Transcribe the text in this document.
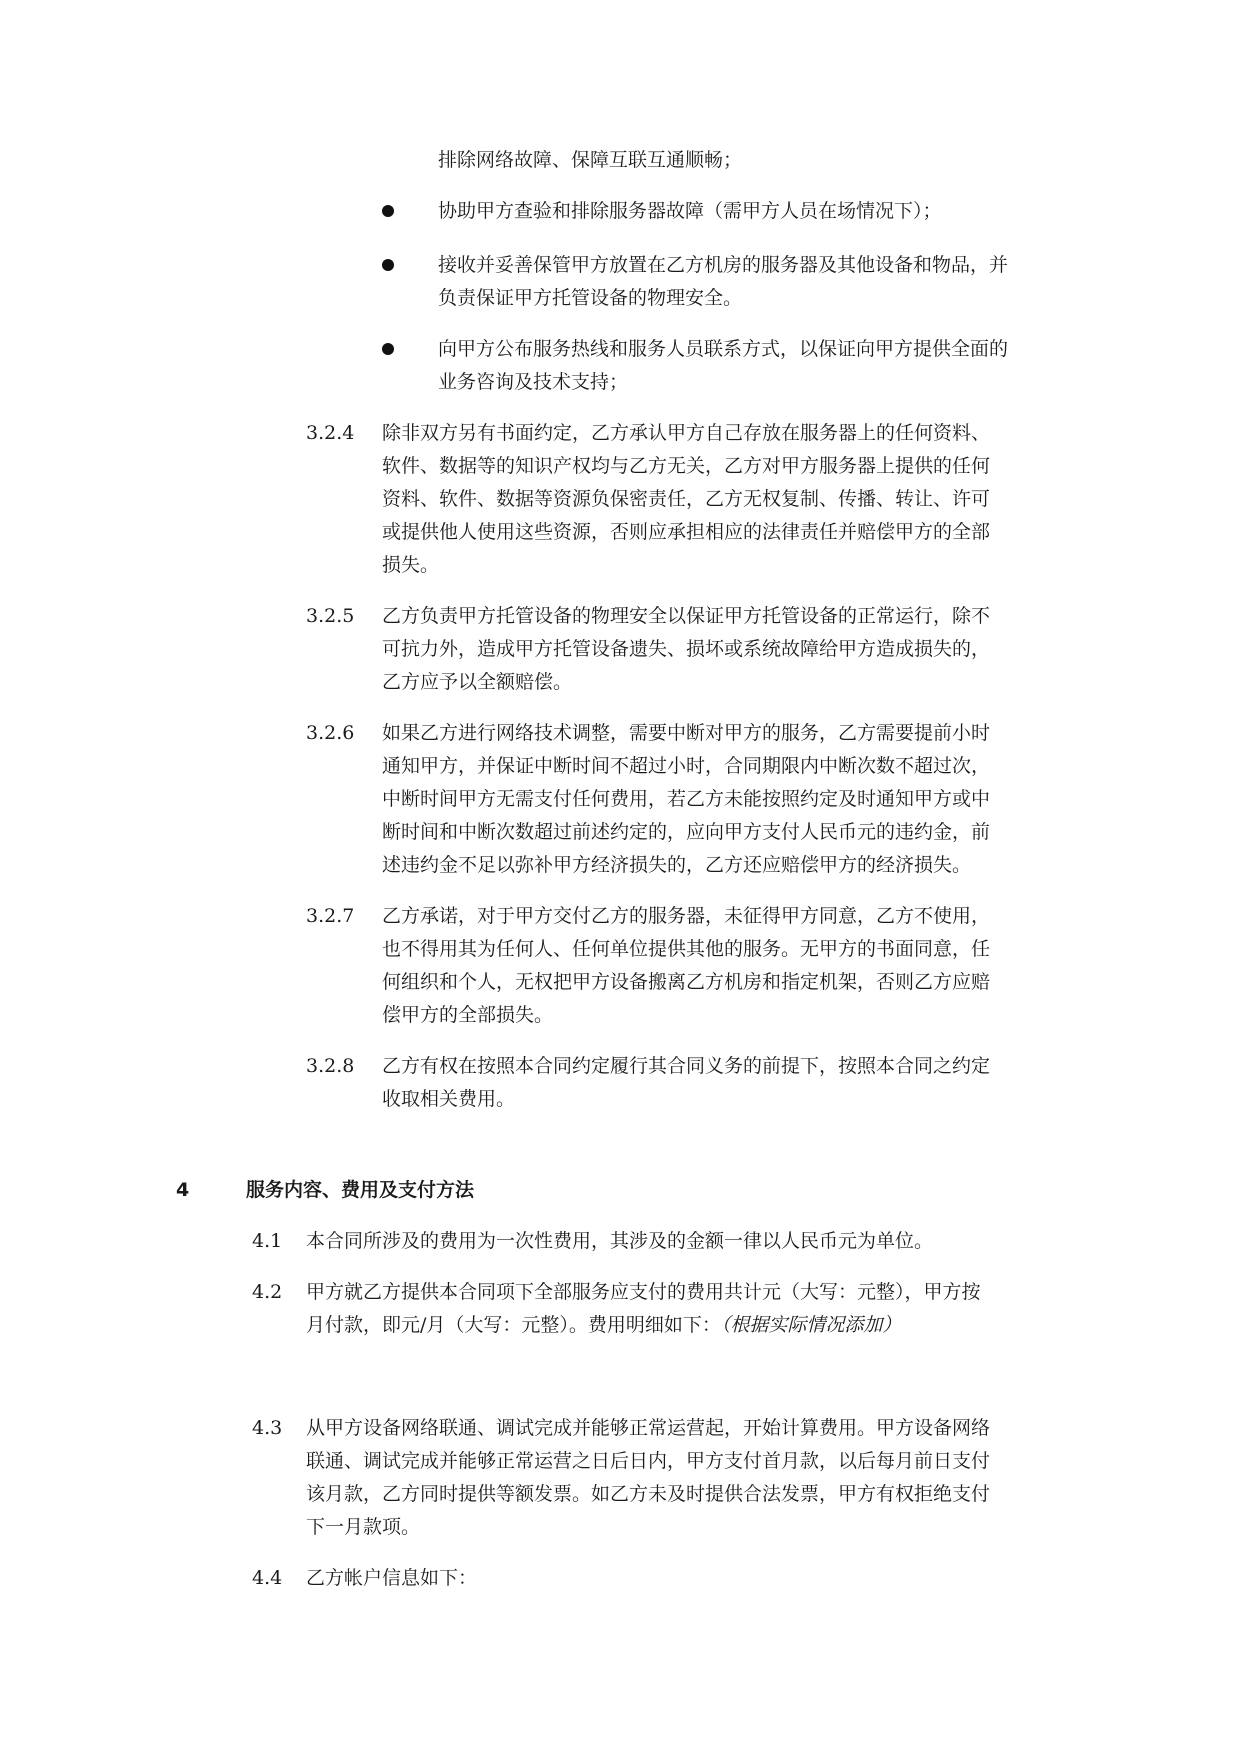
排除网络故障、保障互联互通顺畅；
协助甲方查验和排除服务器故障（需甲方人员在场情况下）；
接收并妥善保管甲方放置在乙方机房的服务器及其他设备和物品，并
负责保证甲方托管设备的物理安全。
向甲方公布服务热线和服务人员联系方式，以保证向甲方提供全面的
业务咨询及技术支持；
3.2.4 除非双方另有书面约定，乙方承认甲方自己存放在服务器上的任何资料、
软件、数据等的知识产权均与乙方无关，乙方对甲方服务器上提供的任何
资料、软件、数据等资源负保密责任，乙方无权复制、传播、转让、许可
或提供他人使用这些资源，否则应承担相应的法律责任并赔偿甲方的全部
损失。
3.2.5 乙方负责甲方托管设备的物理安全以保证甲方托管设备的正常运行，除不
可抗力外，造成甲方托管设备遗失、损坏或系统故障给甲方造成损失的，
乙方应予以全额赔偿。
3.2.6 如果乙方进行网络技术调整，需要中断对甲方的服务，乙方需要提前小时
通知甲方，并保证中断时间不超过小时，合同期限内中断次数不超过次，
中断时间甲方无需支付任何费用，若乙方未能按照约定及时通知甲方或中
断时间和中断次数超过前述约定的，应向甲方支付人民币元的违约金，前
述违约金不足以弥补甲方经济损失的，乙方还应赔偿甲方的经济损失。
3.2.7 乙方承诺，对于甲方交付乙方的服务器，未征得甲方同意，乙方不使用，
也不得用其为任何人、任何单位提供其他的服务。无甲方的书面同意，任
何组织和个人，无权把甲方设备搬离乙方机房和指定机架，否则乙方应赔
偿甲方的全部损失。
3.2.8 乙方有权在按照本合同约定履行其合同义务的前提下，按照本合同之约定
收取相关费用。
4	服务内容、费用及支付方法
4.1 本合同所涉及的费用为一次性费用，其涉及的金额一律以人民币元为单位。
4.2 甲方就乙方提供本合同项下全部服务应支付的费用共计元（大写：元整），甲方按
月付款，即元/月（大写：元整）。费用明细如下：（根据实际情况添加）
4.3 从甲方设备网络联通、调试完成并能够正常运营起，开始计算费用。甲方设备网络
联通、调试完成并能够正常运营之日后日内，甲方支付首月款，以后每月前日支付
该月款，乙方同时提供等额发票。如乙方未及时提供合法发票，甲方有权拒绝支付
下一月款项。
4.4 乙方帐户信息如下：
